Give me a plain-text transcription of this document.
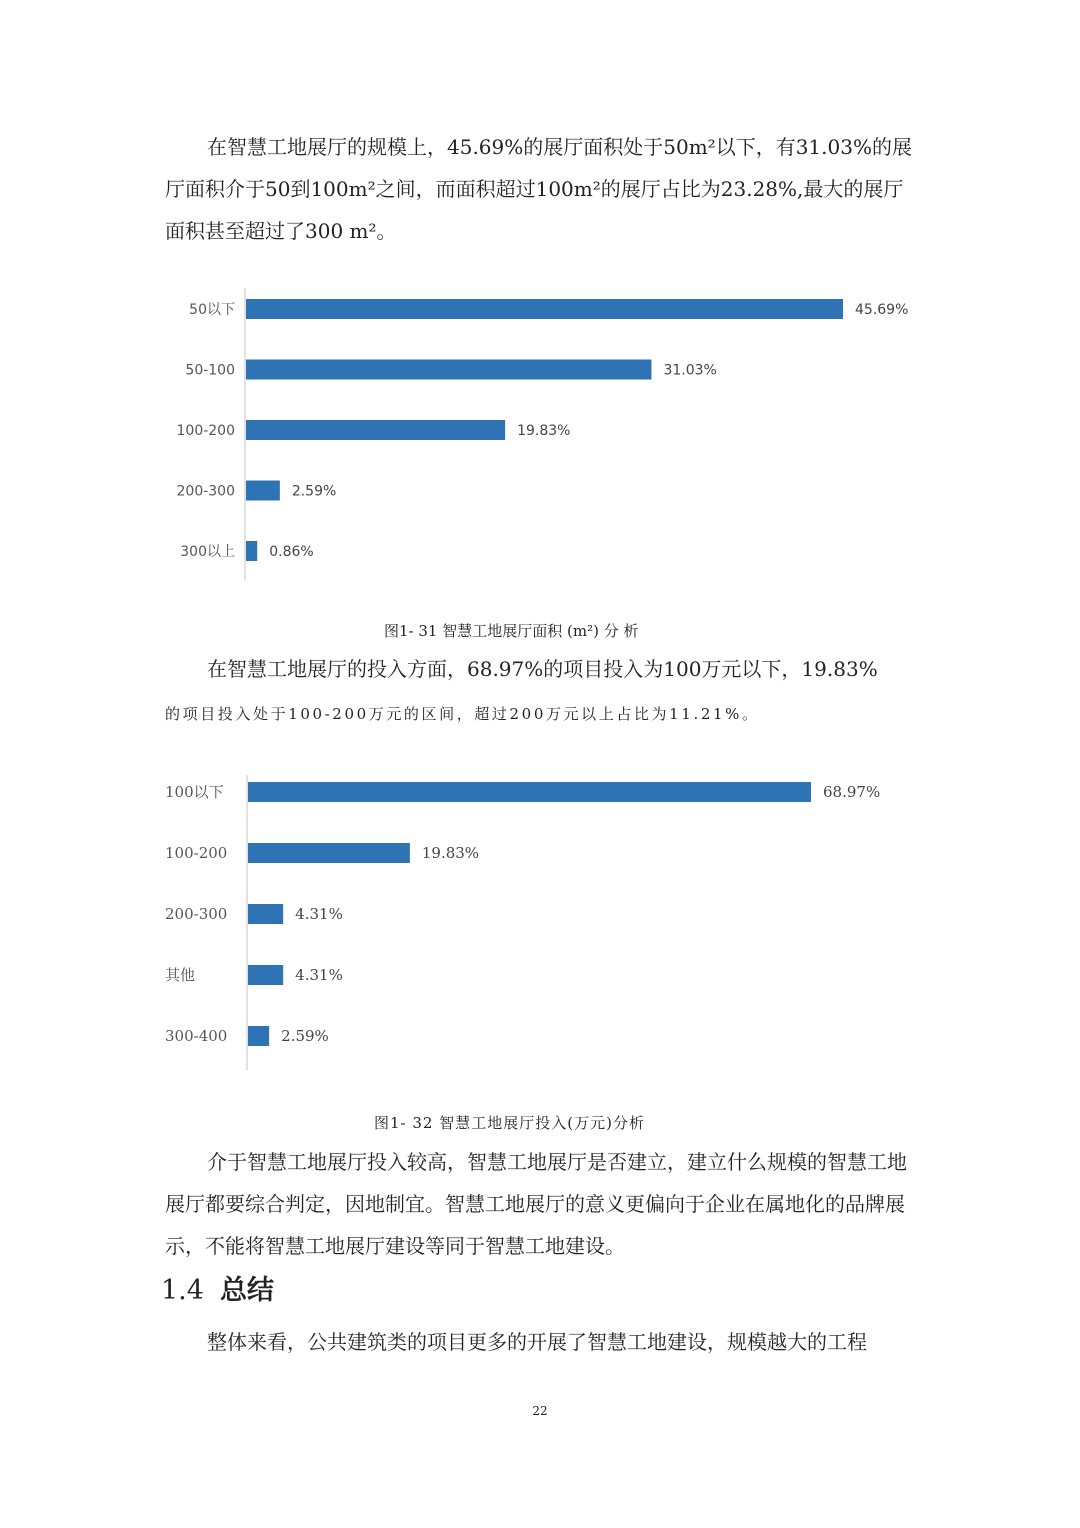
在智慧工地展厅的规模上，45.69%的展厅面积处于50m²以下，有31.03%的展厅面积介于50到100m²之间，而面积超过100m²的展厅占比为23.28%,最大的展厅面积甚至超过了300 m²。

50以下	45.69%
50-100	31.03%
100-200	19.83%
200-300	2.59%
300以上 0.86%

图1- 31 智慧工地展厅面积 (m²) 分 析

在智慧工地展厅的投入方面，68.97%的项目投入为100万元以下，19.83%

的项目投入处于100-200万元的区间，超过200万元以上占比为11.21%。

100以下	68.97%
100-200	19.83%
200-300	4.31%
其他	4.31%
300-400	2.59%

图1- 32 智慧工地展厅投入(万元)分析

介于智慧工地展厅投入较高，智慧工地展厅是否建立，建立什么规模的智慧工地展厅都要综合判定，因地制宜。智慧工地展厅的意义更偏向于企业在属地化的品牌展示，不能将智慧工地展厅建设等同于智慧工地建设。

1.4 总结

整体来看，公共建筑类的项目更多的开展了智慧工地建设，规模越大的工程

22
